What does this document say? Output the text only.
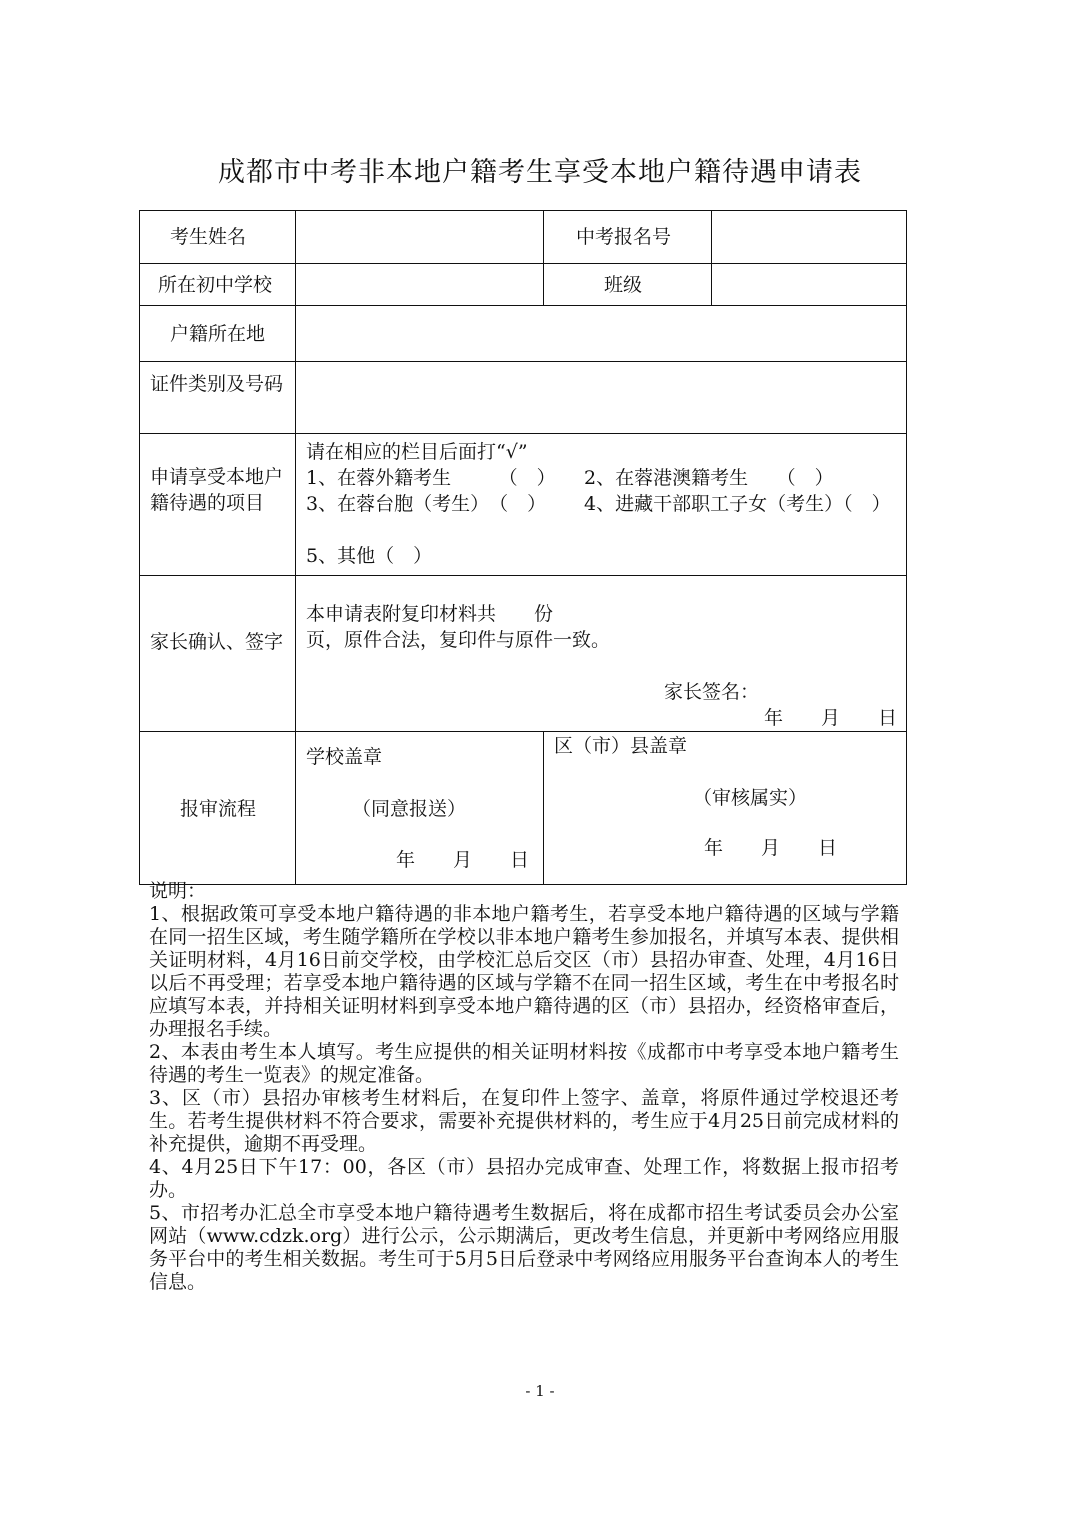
成都市中考非本地户籍考生享受本地户籍待遇申请表
考生姓名	中考报名号
所在初中学校	班级
户籍所在地
证件类别及号码
申请享受本地户籍待遇的项目
请在相应的栏目后面打“√”
1、在蓉外籍考生　　　（　） 2、在蓉港澳籍考生　　（　）
3、在蓉台胞（考生）　（　） 4、进藏干部职工子女（考生）（　）
5、其他（　）
家长确认、签字
本申请表附复印材料共　　份
页，原件合法，复印件与原件一致。
家长签名：
年　　月　　日
报审流程
学校盖章
（同意报送）
年　　月　　日
区（市）县盖章
（审核属实）
年　　月　　日

说明：

1、根据政策可享受本地户籍待遇的非本地户籍考生，若享受本地户籍待遇的区域与学籍在同一招生区域，考生随学籍所在学校以非本地户籍考生参加报名，并填写本表、提供相关证明材料，4月16日前交学校，由学校汇总后交区（市）县招办审查、处理，4月16日以后不再受理；若享受本地户籍待遇的区域与学籍不在同一招生区域，考生在中考报名时应填写本表，并持相关证明材料到享受本地户籍待遇的区（市）县招办，经资格审查后，办理报名手续。

2、本表由考生本人填写。考生应提供的相关证明材料按《成都市中考享受本地户籍考生待遇的考生一览表》的规定准备。

3、区（市）县招办审核考生材料后，在复印件上签字、盖章，将原件通过学校退还考生。若考生提供材料不符合要求，需要补充提供材料的，考生应于4月25日前完成材料的补充提供，逾期不再受理。

4、4月25日下午17：00，各区（市）县招办完成审查、处理工作，将数据上报市招考办。

5、市招考办汇总全市享受本地户籍待遇考生数据后，将在成都市招生考试委员会办公室网站（www.cdzk.org）进行公示，公示期满后，更改考生信息，并更新中考网络应用服务平台中的考生相关数据。考生可于5月5日后登录中考网络应用服务平台查询本人的考生信息。

- 1 -
